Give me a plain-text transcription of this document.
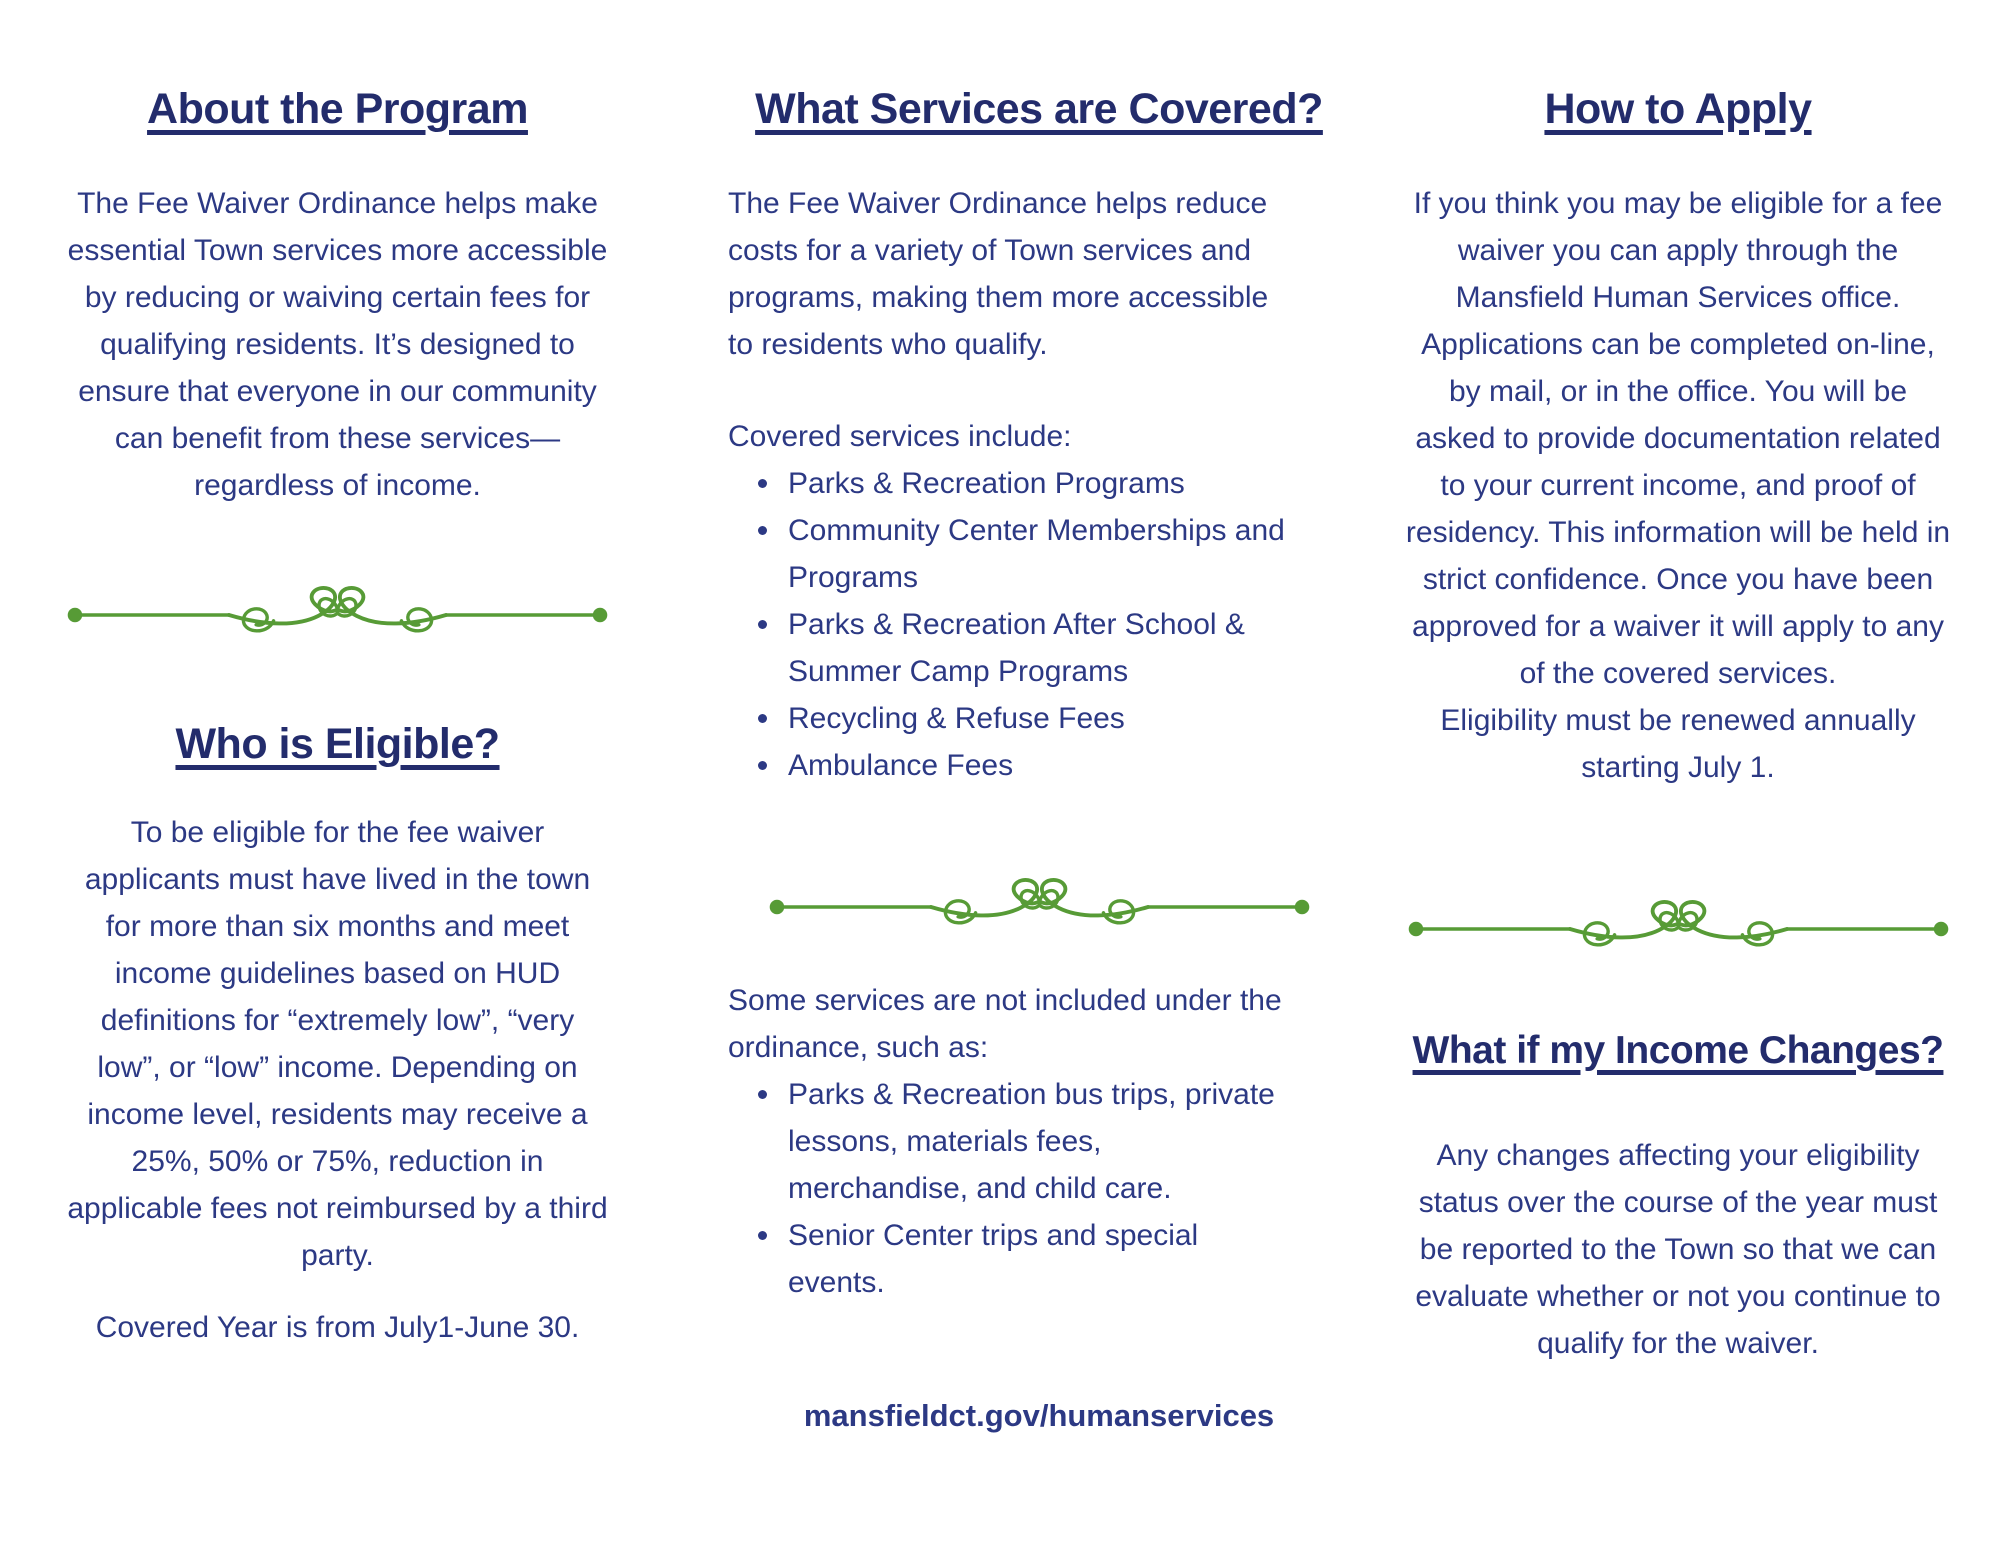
About the Program

The Fee Waiver Ordinance helps make essential Town services more accessible by reducing or waiving certain fees for qualifying residents. It’s designed to ensure that everyone in our community can benefit from these services—regardless of income.

Who is Eligible?

To be eligible for the fee waiver applicants must have lived in the town for more than six months and meet income guidelines based on HUD definitions for “extremely low”, “very low”, or “low” income. Depending on income level, residents may receive a 25%, 50% or 75%, reduction in applicable fees not reimbursed by a third party.

Covered Year is from July1-June 30.

What Services are Covered?

The Fee Waiver Ordinance helps reduce costs for a variety of Town services and programs, making them more accessible to residents who qualify.

Covered services include:

Parks & Recreation Programs
Community Center Memberships and Programs
Parks & Recreation After School & Summer Camp Programs
Recycling & Refuse Fees
Ambulance Fees

Some services are not included under the ordinance, such as:

Parks & Recreation bus trips, private lessons, materials fees, merchandise, and child care.
Senior Center trips and special events.

mansfieldct.gov/humanservices

How to Apply
If you think you may be eligible for a fee waiver you can apply through the Mansfield Human Services office. Applications can be completed on-line, by mail, or in the office. You will be asked to provide documentation related to your current income, and proof of residency. This information will be held in strict confidence. Once you have been approved for a waiver it will apply to any of the covered services.
Eligibility must be renewed annually starting July 1.
What if my Income Changes?

Any changes affecting your eligibility status over the course of the year must be reported to the Town so that we can evaluate whether or not you continue to qualify for the waiver.
